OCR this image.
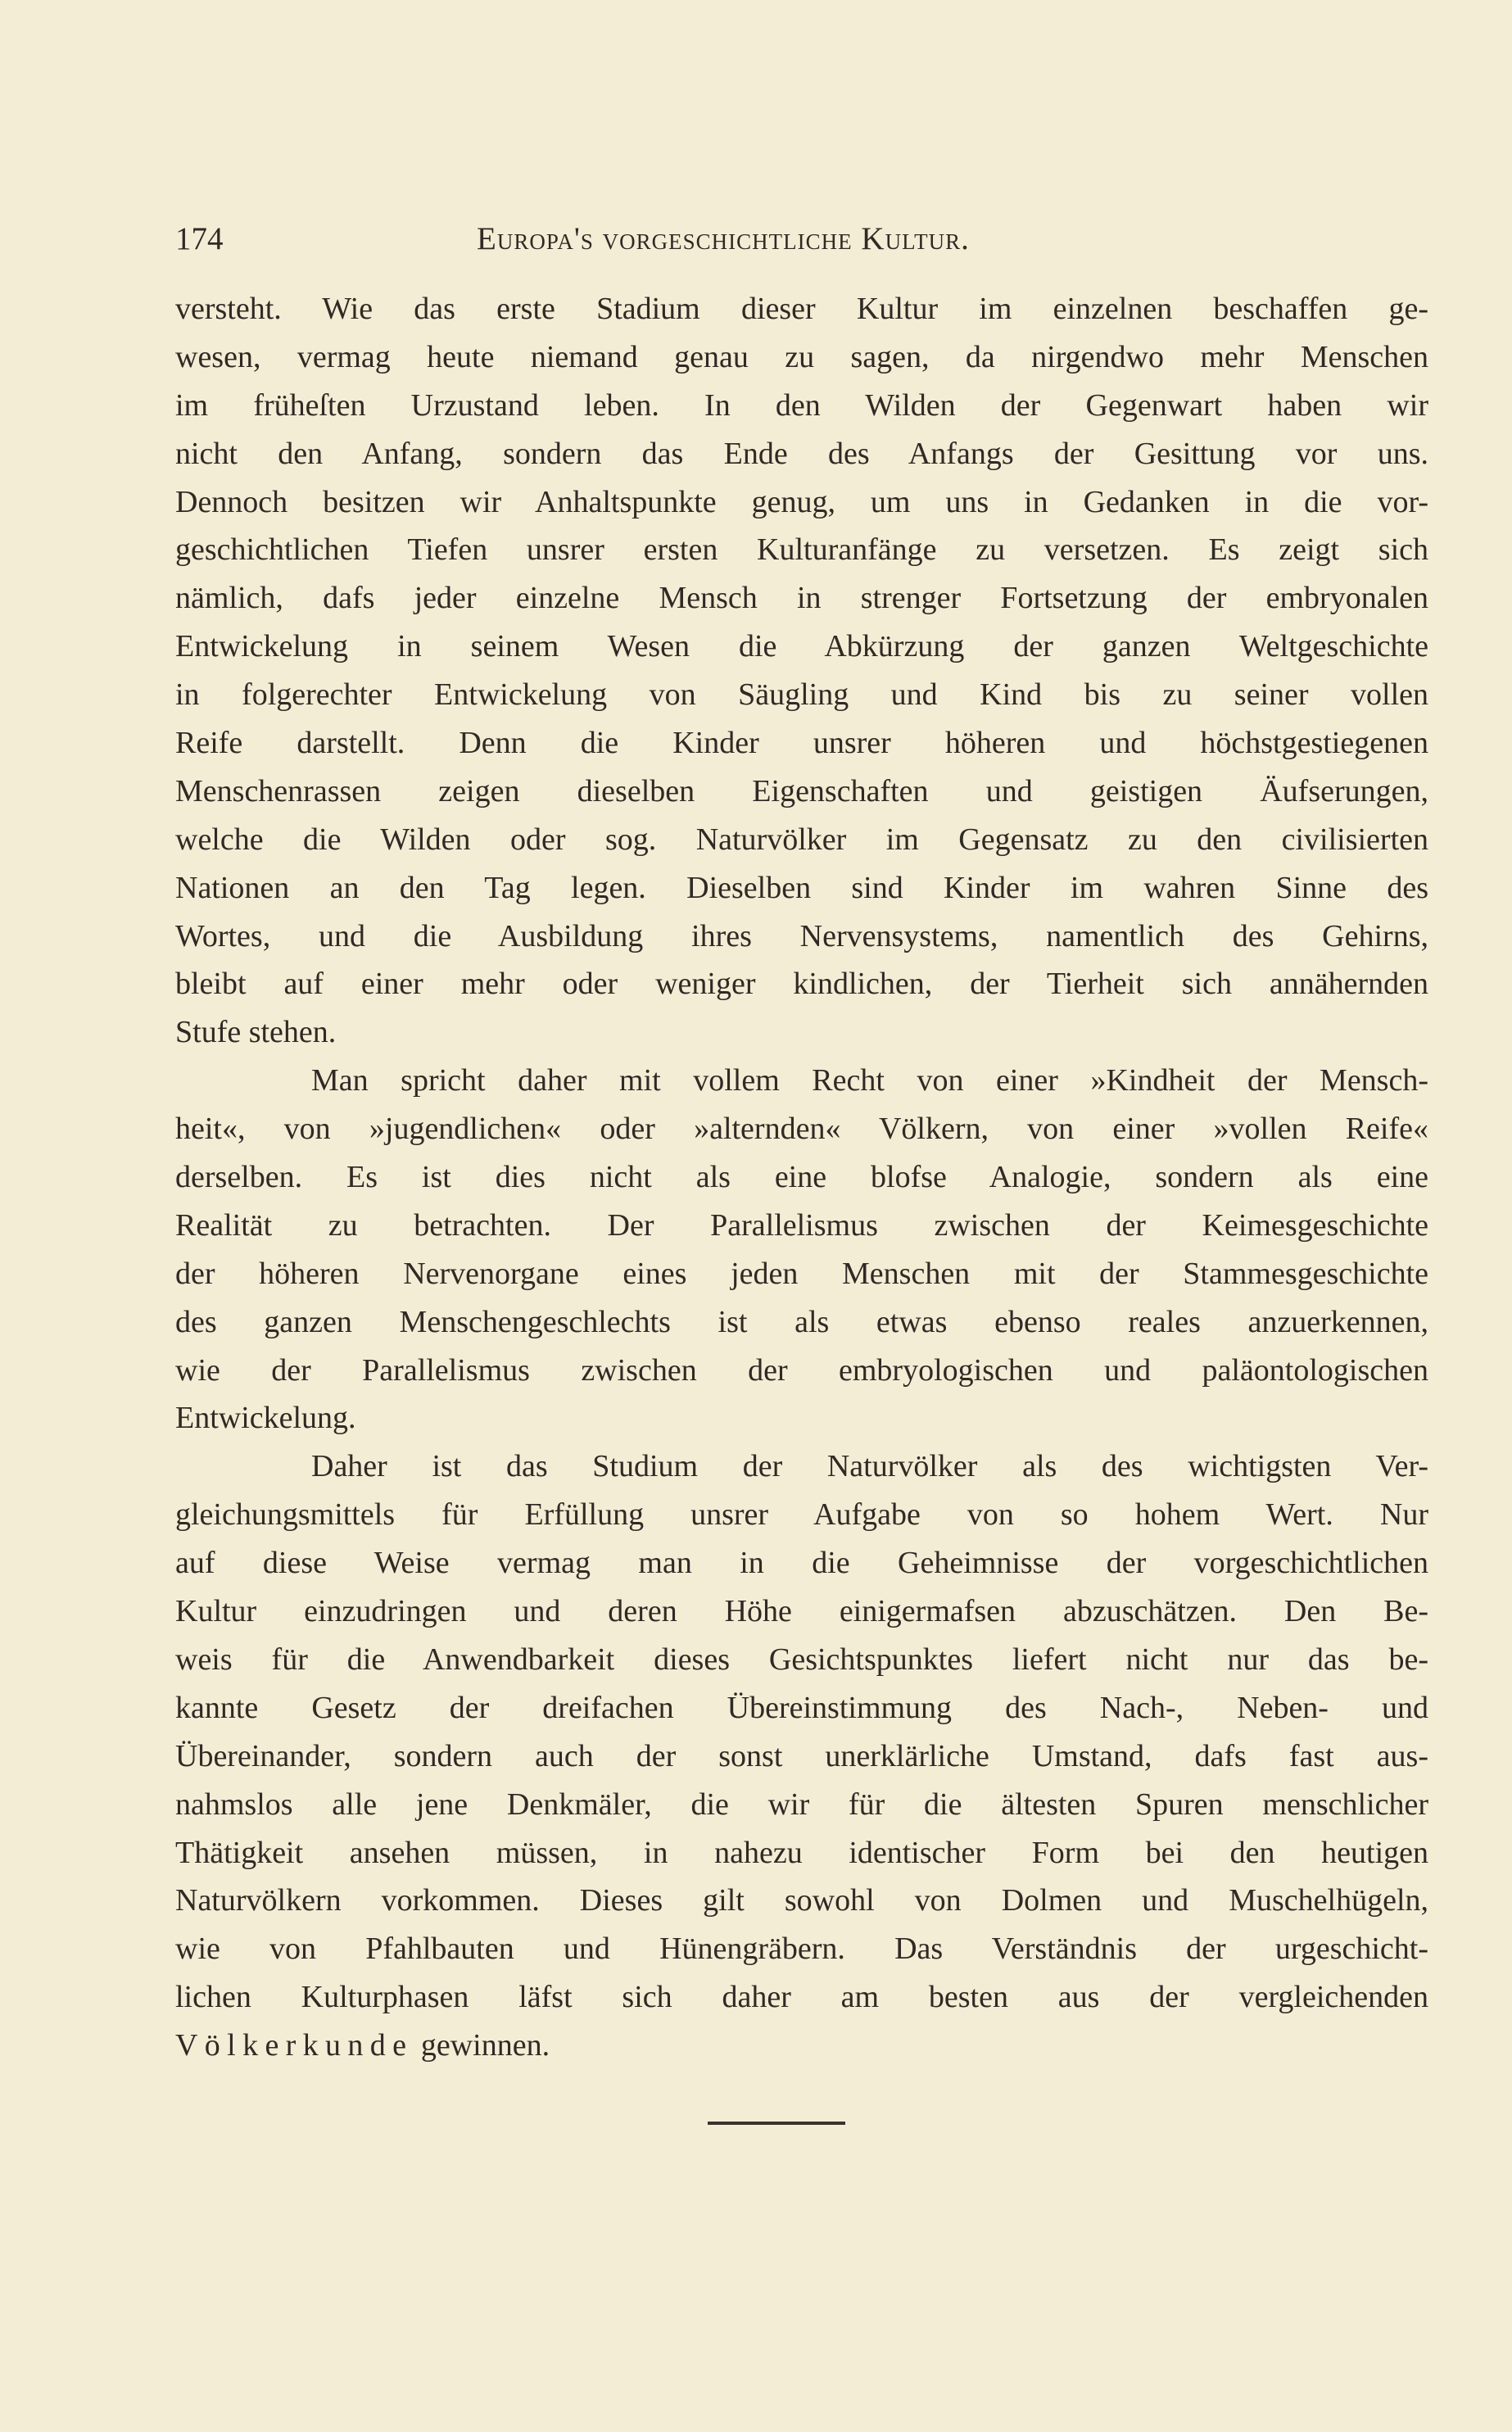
174	Europa's vorgeschichtliche Kultur.
versteht. Wie das erste Stadium dieser Kultur im einzelnen beschaffen ge-
wesen, vermag heute niemand genau zu sagen, da nirgendwo mehr Menschen
im früheſten Urzustand leben. In den Wilden der Gegenwart haben wir
nicht den Anfang, sondern das Ende des Anfangs der Gesittung vor uns.
Dennoch besitzen wir Anhaltspunkte genug, um uns in Gedanken in die vor-
geschichtlichen Tiefen unsrer ersten Kulturanfänge zu versetzen. Es zeigt sich
nämlich, dafs jeder einzelne Mensch in strenger Fortsetzung der embryonalen
Entwickelung in seinem Wesen die Abkürzung der ganzen Weltgeschichte
in folgerechter Entwickelung von Säugling und Kind bis zu seiner vollen
Reife darstellt. Denn die Kinder unsrer höheren und höchstgestiegenen
Menschenrassen zeigen dieselben Eigenschaften und geistigen Äufserungen,
welche die Wilden oder sog. Naturvölker im Gegensatz zu den civilisierten
Nationen an den Tag legen. Dieselben sind Kinder im wahren Sinne des
Wortes, und die Ausbildung ihres Nervensystems, namentlich des Gehirns,
bleibt auf einer mehr oder weniger kindlichen, der Tierheit sich annähernden
Stufe stehen.
Man spricht daher mit vollem Recht von einer »Kindheit der Mensch-
heit«, von »jugendlichen« oder »alternden« Völkern, von einer »vollen Reife«
derselben. Es ist dies nicht als eine blofse Analogie, sondern als eine
Realität zu betrachten. Der Parallelismus zwischen der Keimesgeschichte
der höheren Nervenorgane eines jeden Menschen mit der Stammesgeschichte
des ganzen Menschengeschlechts ist als etwas ebenso reales anzuerkennen,
wie der Parallelismus zwischen der embryologischen und paläontologischen
Entwickelung.
Daher ist das Studium der Naturvölker als des wichtigsten Ver-
gleichungsmittels für Erfüllung unsrer Aufgabe von so hohem Wert. Nur
auf diese Weise vermag man in die Geheimnisse der vorgeschichtlichen
Kultur einzudringen und deren Höhe einigermafsen abzuschätzen. Den Be-
weis für die Anwendbarkeit dieses Gesichtspunktes liefert nicht nur das be-
kannte Gesetz der dreifachen Übereinstimmung des Nach-, Neben- und
Übereinander, sondern auch der sonst unerklärliche Umstand, dafs fast aus-
nahmslos alle jene Denkmäler, die wir für die ältesten Spuren menschlicher
Thätigkeit ansehen müssen, in nahezu identischer Form bei den heutigen
Naturvölkern vorkommen. Dieses gilt sowohl von Dolmen und Muschelhügeln,
wie von Pfahlbauten und Hünengräbern. Das Verständnis der urgeschicht-
lichen Kulturphasen läfst sich daher am besten aus der vergleichenden
Völkerkunde gewinnen.
